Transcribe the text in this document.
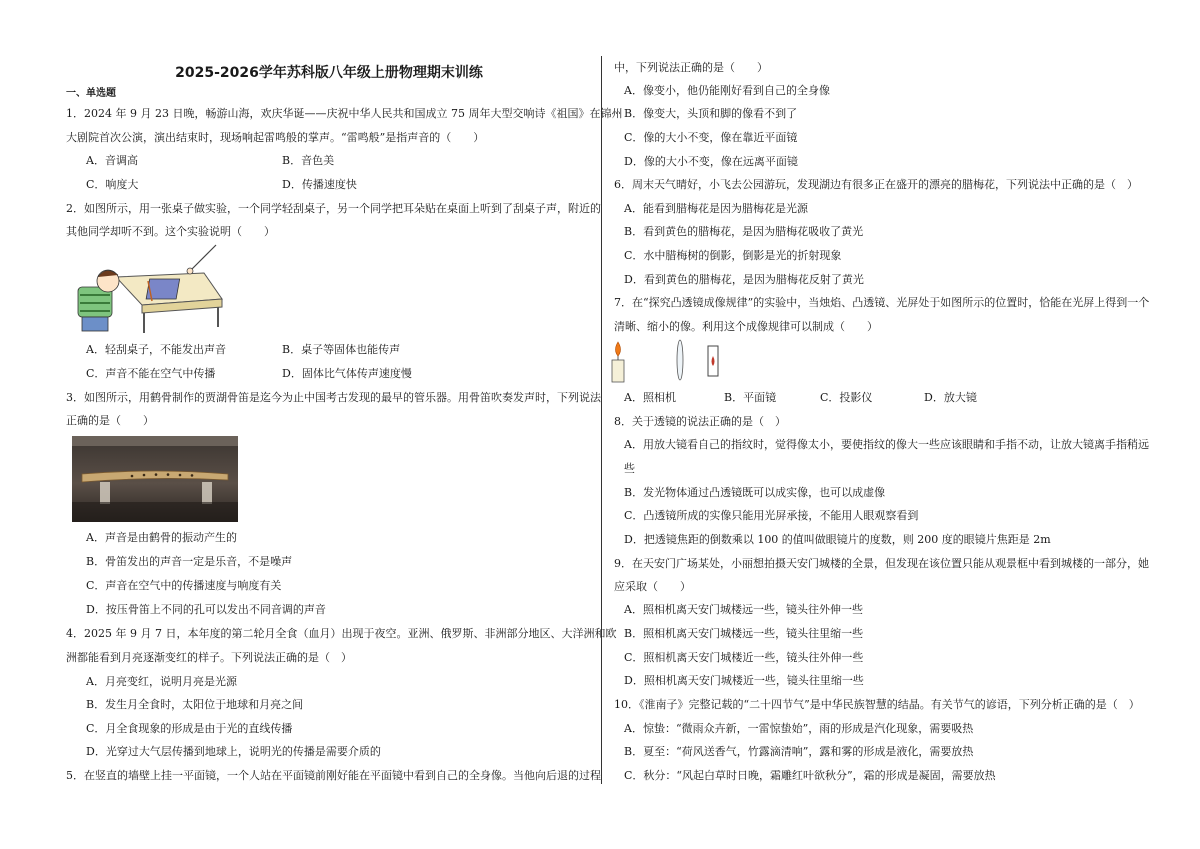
2025-2026学年苏科版八年级上册物理期末训练
一、单选题
1．2024 年 9 月 23 日晚，畅游山海，欢庆华诞——庆祝中华人民共和国成立 75 周年大型交响诗《祖国》在锦州
大剧院首次公演，演出结束时，现场响起雷鸣般的掌声。“雷鸣般”是指声音的（　　）
A．音调高	B．音色美
C．响度大	D．传播速度快
2．如图所示，用一张桌子做实验，一个同学轻刮桌子，另一个同学把耳朵贴在桌面上听到了刮桌子声，附近的
其他同学却听不到。这个实验说明（　　）
A．轻刮桌子，不能发出声音	B．桌子等固体也能传声
C．声音不能在空气中传播	D．固体比气体传声速度慢
3．如图所示，用鹤骨制作的贾湖骨笛是迄今为止中国考古发现的最早的管乐器。用骨笛吹奏发声时，下列说法
正确的是（　　）
A．声音是由鹤骨的振动产生的
B．骨笛发出的声音一定是乐音，不是噪声
C．声音在空气中的传播速度与响度有关
D．按压骨笛上不同的孔可以发出不同音调的声音
4．2025 年 9 月 7 日，本年度的第二轮月全食（血月）出现于夜空。亚洲、俄罗斯、非洲部分地区、大洋洲和欧
洲都能看到月亮逐渐变红的样子。下列说法正确的是（　）
A．月亮变红，说明月亮是光源
B．发生月全食时，太阳位于地球和月亮之间
C．月全食现象的形成是由于光的直线传播
D．光穿过大气层传播到地球上，说明光的传播是需要介质的
5．在竖直的墙壁上挂一平面镜，一个人站在平面镜前刚好能在平面镜中看到自己的全身像。当他向后退的过程
中，下列说法正确的是（　　）
A．像变小，他仍能刚好看到自己的全身像
B．像变大，头顶和脚的像看不到了
C．像的大小不变，像在靠近平面镜
D．像的大小不变，像在远离平面镜
6．周末天气晴好，小飞去公园游玩，发现湖边有很多正在盛开的漂亮的腊梅花，下列说法中正确的是（　）
A．能看到腊梅花是因为腊梅花是光源
B．看到黄色的腊梅花，是因为腊梅花吸收了黄光
C．水中腊梅树的倒影，倒影是光的折射现象
D．看到黄色的腊梅花，是因为腊梅花反射了黄光
7．在“探究凸透镜成像规律”的实验中，当烛焰、凸透镜、光屏处于如图所示的位置时，恰能在光屏上得到一个
清晰、缩小的像。利用这个成像规律可以制成（　　）
A．照相机	B．平面镜	C．投影仪	D．放大镜
8．关于透镜的说法正确的是（　）
A．用放大镜看自己的指纹时，觉得像太小，要使指纹的像大一些应该眼睛和手指不动，让放大镜离手指稍远
些
B．发光物体通过凸透镜既可以成实像，也可以成虚像
C．凸透镜所成的实像只能用光屏承接，不能用人眼观察看到
D．把透镜焦距的倒数乘以 100 的值叫做眼镜片的度数，则 200 度的眼镜片焦距是 2m
9．在天安门广场某处，小丽想拍摄天安门城楼的全景，但发现在该位置只能从观景框中看到城楼的一部分，她
应采取（　　）
A．照相机离天安门城楼远一些，镜头往外伸一些
B．照相机离天安门城楼远一些，镜头往里缩一些
C．照相机离天安门城楼近一些，镜头往外伸一些
D．照相机离天安门城楼近一些，镜头往里缩一些
10．《淮南子》完整记载的“二十四节气”是中华民族智慧的结晶。有关节气的谚语，下列分析正确的是（　）
A．惊蛰：“微雨众卉新，一雷惊蛰始”，雨的形成是汽化现象，需要吸热
B．夏至：“荷风送香气，竹露滴清响”，露和雾的形成是液化，需要放热
C．秋分：“风起白草时日晚，霜雕红叶欲秋分”，霜的形成是凝固，需要放热
